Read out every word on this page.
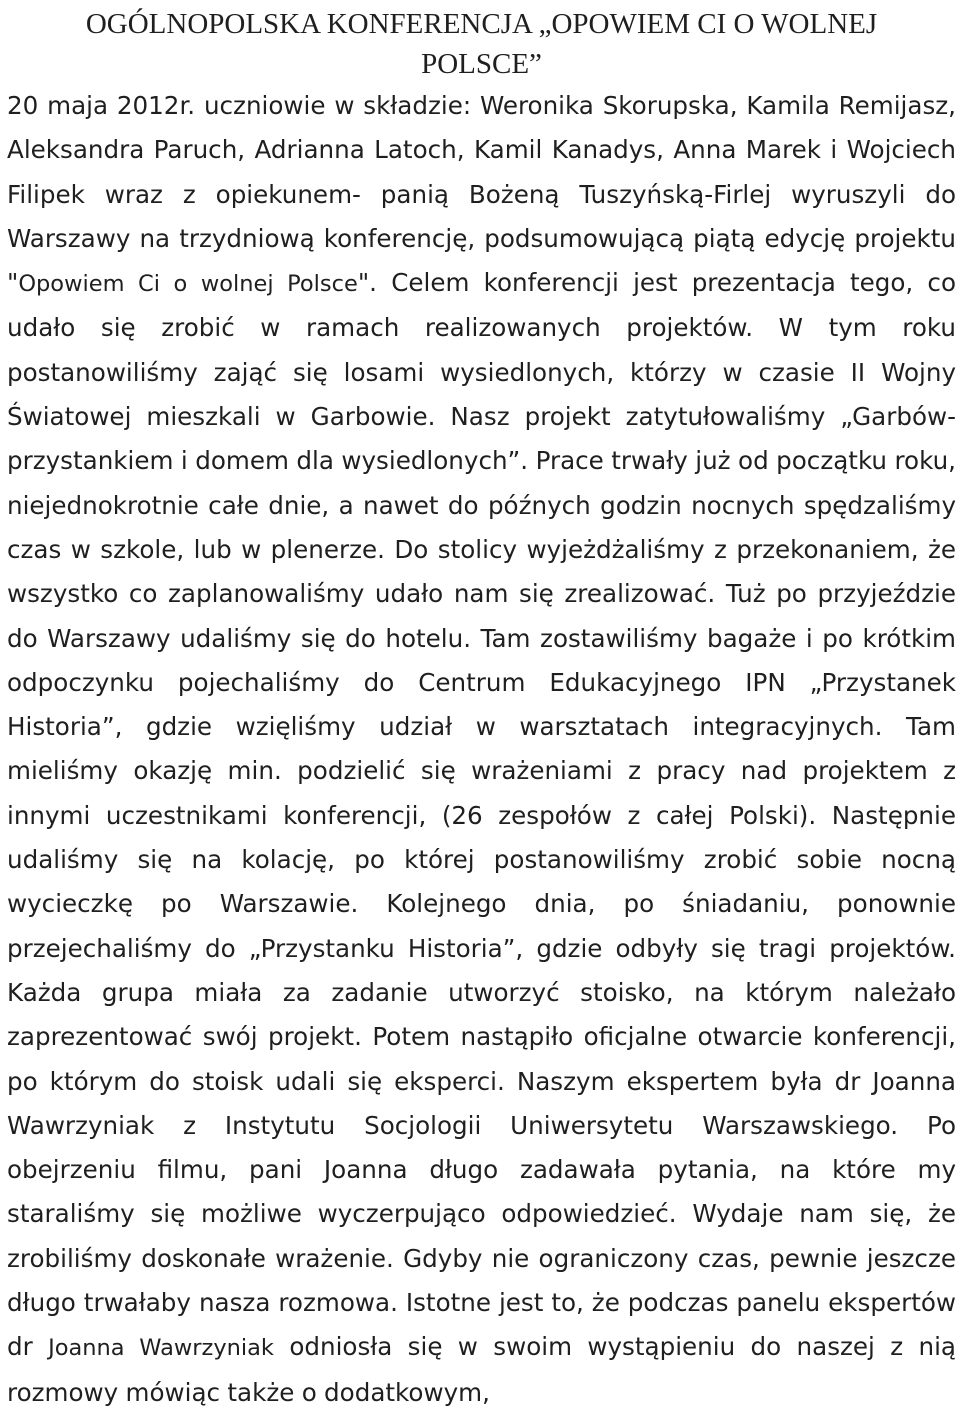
OGÓLNOPOLSKA KONFERENCJA „OPOWIEM CI O WOLNEJ
POLSCE”

20 maja 2012r. uczniowie w składzie: Weronika Skorupska, Kamila Remijasz, Aleksandra Paruch, Adrianna Latoch, Kamil Kanadys, Anna Marek i Wojciech Filipek wraz z opiekunem- panią Bożeną Tuszyńską-Firlej wyruszyli do Warszawy na trzydniową konferencję, podsumowującą piątą edycję projektu "Opowiem Ci o wolnej Polsce". Celem konferencji jest prezentacja tego, co udało się zrobić w ramach realizowanych projektów. W tym roku postanowiliśmy zająć się losami wysiedlonych, którzy w czasie II Wojny Światowej mieszkali w Garbowie. Nasz projekt zatytułowaliśmy „Garbów- przystankiem i domem dla wysiedlonych”. Prace trwały już od początku roku, niejednokrotnie całe dnie, a nawet do późnych godzin nocnych spędzaliśmy czas w szkole, lub w plenerze. Do stolicy wyjeżdżaliśmy z przekonaniem, że wszystko co zaplanowaliśmy udało nam się zrealizować. Tuż po przyjeździe do Warszawy udaliśmy się do hotelu. Tam zostawiliśmy bagaże i po krótkim odpoczynku pojechaliśmy do Centrum Edukacyjnego IPN „Przystanek Historia”, gdzie wzięliśmy udział w warsztatach integracyjnych. Tam mieliśmy okazję min. podzielić się wrażeniami z pracy nad projektem z innymi uczestnikami konferencji, (26 zespołów z całej Polski). Następnie udaliśmy się na kolację, po której postanowiliśmy zrobić sobie nocną wycieczkę po Warszawie. Kolejnego dnia, po śniadaniu, ponownie przejechaliśmy do „Przystanku Historia”, gdzie odbyły się tragi projektów. Każda grupa miała za zadanie utworzyć stoisko, na którym należało zaprezentować swój projekt. Potem nastąpiło oficjalne otwarcie konferencji, po którym do stoisk udali się eksperci. Naszym ekspertem była dr Joanna Wawrzyniak z Instytutu Socjologii Uniwersytetu Warszawskiego. Po obejrzeniu filmu, pani Joanna długo zadawała pytania, na które my staraliśmy się możliwe wyczerpująco odpowiedzieć. Wydaje nam się, że zrobiliśmy doskonałe wrażenie. Gdyby nie ograniczony czas, pewnie jeszcze długo trwałaby nasza rozmowa. Istotne jest to, że podczas panelu ekspertów dr Joanna Wawrzyniak odniosła się w swoim wystąpieniu do naszej z nią rozmowy mówiąc także o dodatkowym,
